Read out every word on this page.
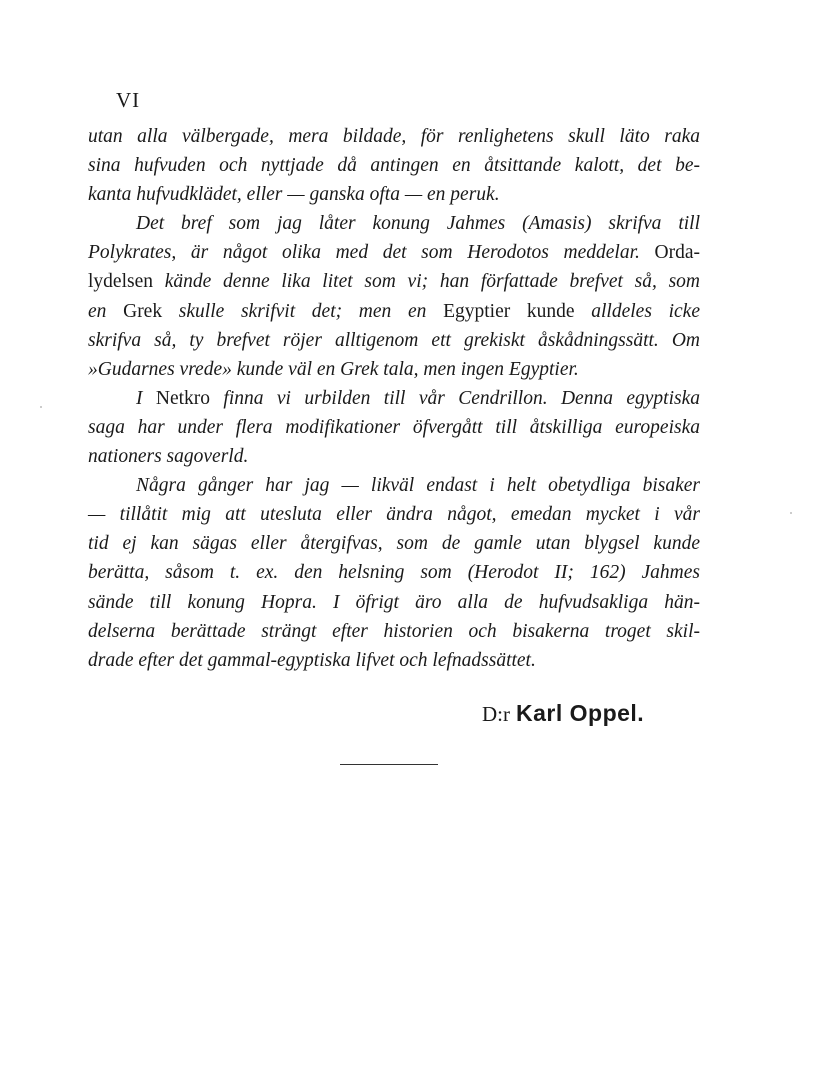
VI
utan alla välbergade, mera bildade, för renlighetens skull läto raka
sina hufvuden och nyttjade då antingen en åtsittande kalott, det be-
kanta hufvudklädet, eller — ganska ofta — en peruk.
Det bref som jag låter konung Jahmes (Amasis) skrifva till
Polykrates, är något olika med det som Herodotos meddelar. Orda-
lydelsen kände denne lika litet som vi; han författade brefvet så, som
en Grek skulle skrifvit det; men en Egyptier kunde alldeles icke
skrifva så, ty brefvet röjer alltigenom ett grekiskt åskådningssätt. Om
»Gudarnes vrede» kunde väl en Grek tala, men ingen Egyptier.
I Netkro finna vi urbilden till vår Cendrillon. Denna egyptiska
saga har under flera modifikationer öfvergått till åtskilliga europeiska
nationers sagoverld.
Några gånger har jag — likväl endast i helt obetydliga bisaker
— tillåtit mig att utesluta eller ändra något, emedan mycket i vår
tid ej kan sägas eller återgifvas, som de gamle utan blygsel kunde
berätta, såsom t. ex. den helsning som (Herodot II; 162) Jahmes
sände till konung Hopra. I öfrigt äro alla de hufvudsakliga hän-
delserna berättade strängt efter historien och bisakerna troget skil-
drade efter det gammal-egyptiska lifvet och lefnadssättet.
D:r Karl Oppel.
